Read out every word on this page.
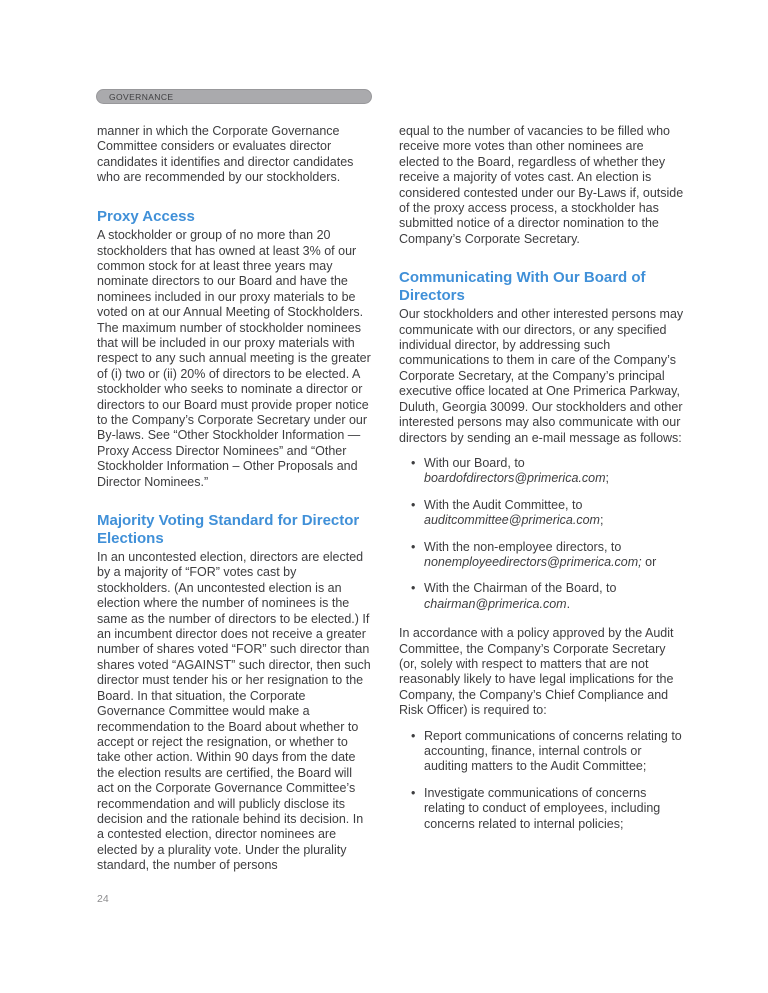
GOVERNANCE

manner in which the Corporate Governance Committee considers or evaluates director candidates it identifies and director candidates who are recommended by our stockholders.

Proxy Access

A stockholder or group of no more than 20 stockholders that has owned at least 3% of our common stock for at least three years may nominate directors to our Board and have the nominees included in our proxy materials to be voted on at our Annual Meeting of Stockholders. The maximum number of stockholder nominees that will be included in our proxy materials with respect to any such annual meeting is the greater of (i) two or (ii) 20% of directors to be elected. A stockholder who seeks to nominate a director or directors to our Board must provide proper notice to the Company’s Corporate Secretary under our By-laws. See “Other Stockholder Information — Proxy Access Director Nominees” and “Other Stockholder Information – Other Proposals and Director Nominees.”

Majority Voting Standard for Director Elections

In an uncontested election, directors are elected by a majority of “FOR” votes cast by stockholders. (An uncontested election is an election where the number of nominees is the same as the number of directors to be elected.) If an incumbent director does not receive a greater number of shares voted “FOR” such director than shares voted “AGAINST” such director, then such director must tender his or her resignation to the Board. In that situation, the Corporate Governance Committee would make a recommendation to the Board about whether to accept or reject the resignation, or whether to take other action. Within 90 days from the date the election results are certified, the Board will act on the Corporate Governance Committee’s recommendation and will publicly disclose its decision and the rationale behind its decision. In a contested election, director nominees are elected by a plurality vote. Under the plurality standard, the number of persons

equal to the number of vacancies to be filled who receive more votes than other nominees are elected to the Board, regardless of whether they receive a majority of votes cast. An election is considered contested under our By-Laws if, outside of the proxy access process, a stockholder has submitted notice of a director nomination to the Company’s Corporate Secretary.

Communicating With Our Board of Directors

Our stockholders and other interested persons may communicate with our directors, or any specified individual director, by addressing such communications to them in care of the Company’s Corporate Secretary, at the Company’s principal executive office located at One Primerica Parkway, Duluth, Georgia 30099. Our stockholders and other interested persons may also communicate with our directors by sending an e-mail message as follows:

• With our Board, to
boardofdirectors@primerica.com;
• With the Audit Committee, to
auditcommittee@primerica.com;
• With the non-employee directors, to
nonemployeedirectors@primerica.com; or
• With the Chairman of the Board, to
chairman@primerica.com.

In accordance with a policy approved by the Audit Committee, the Company’s Corporate Secretary (or, solely with respect to matters that are not reasonably likely to have legal implications for the Company, the Company’s Chief Compliance and Risk Officer) is required to:

• Report communications of concerns relating to accounting, finance, internal controls or auditing matters to the Audit Committee;
• Investigate communications of concerns relating to conduct of employees, including concerns related to internal policies;
24
